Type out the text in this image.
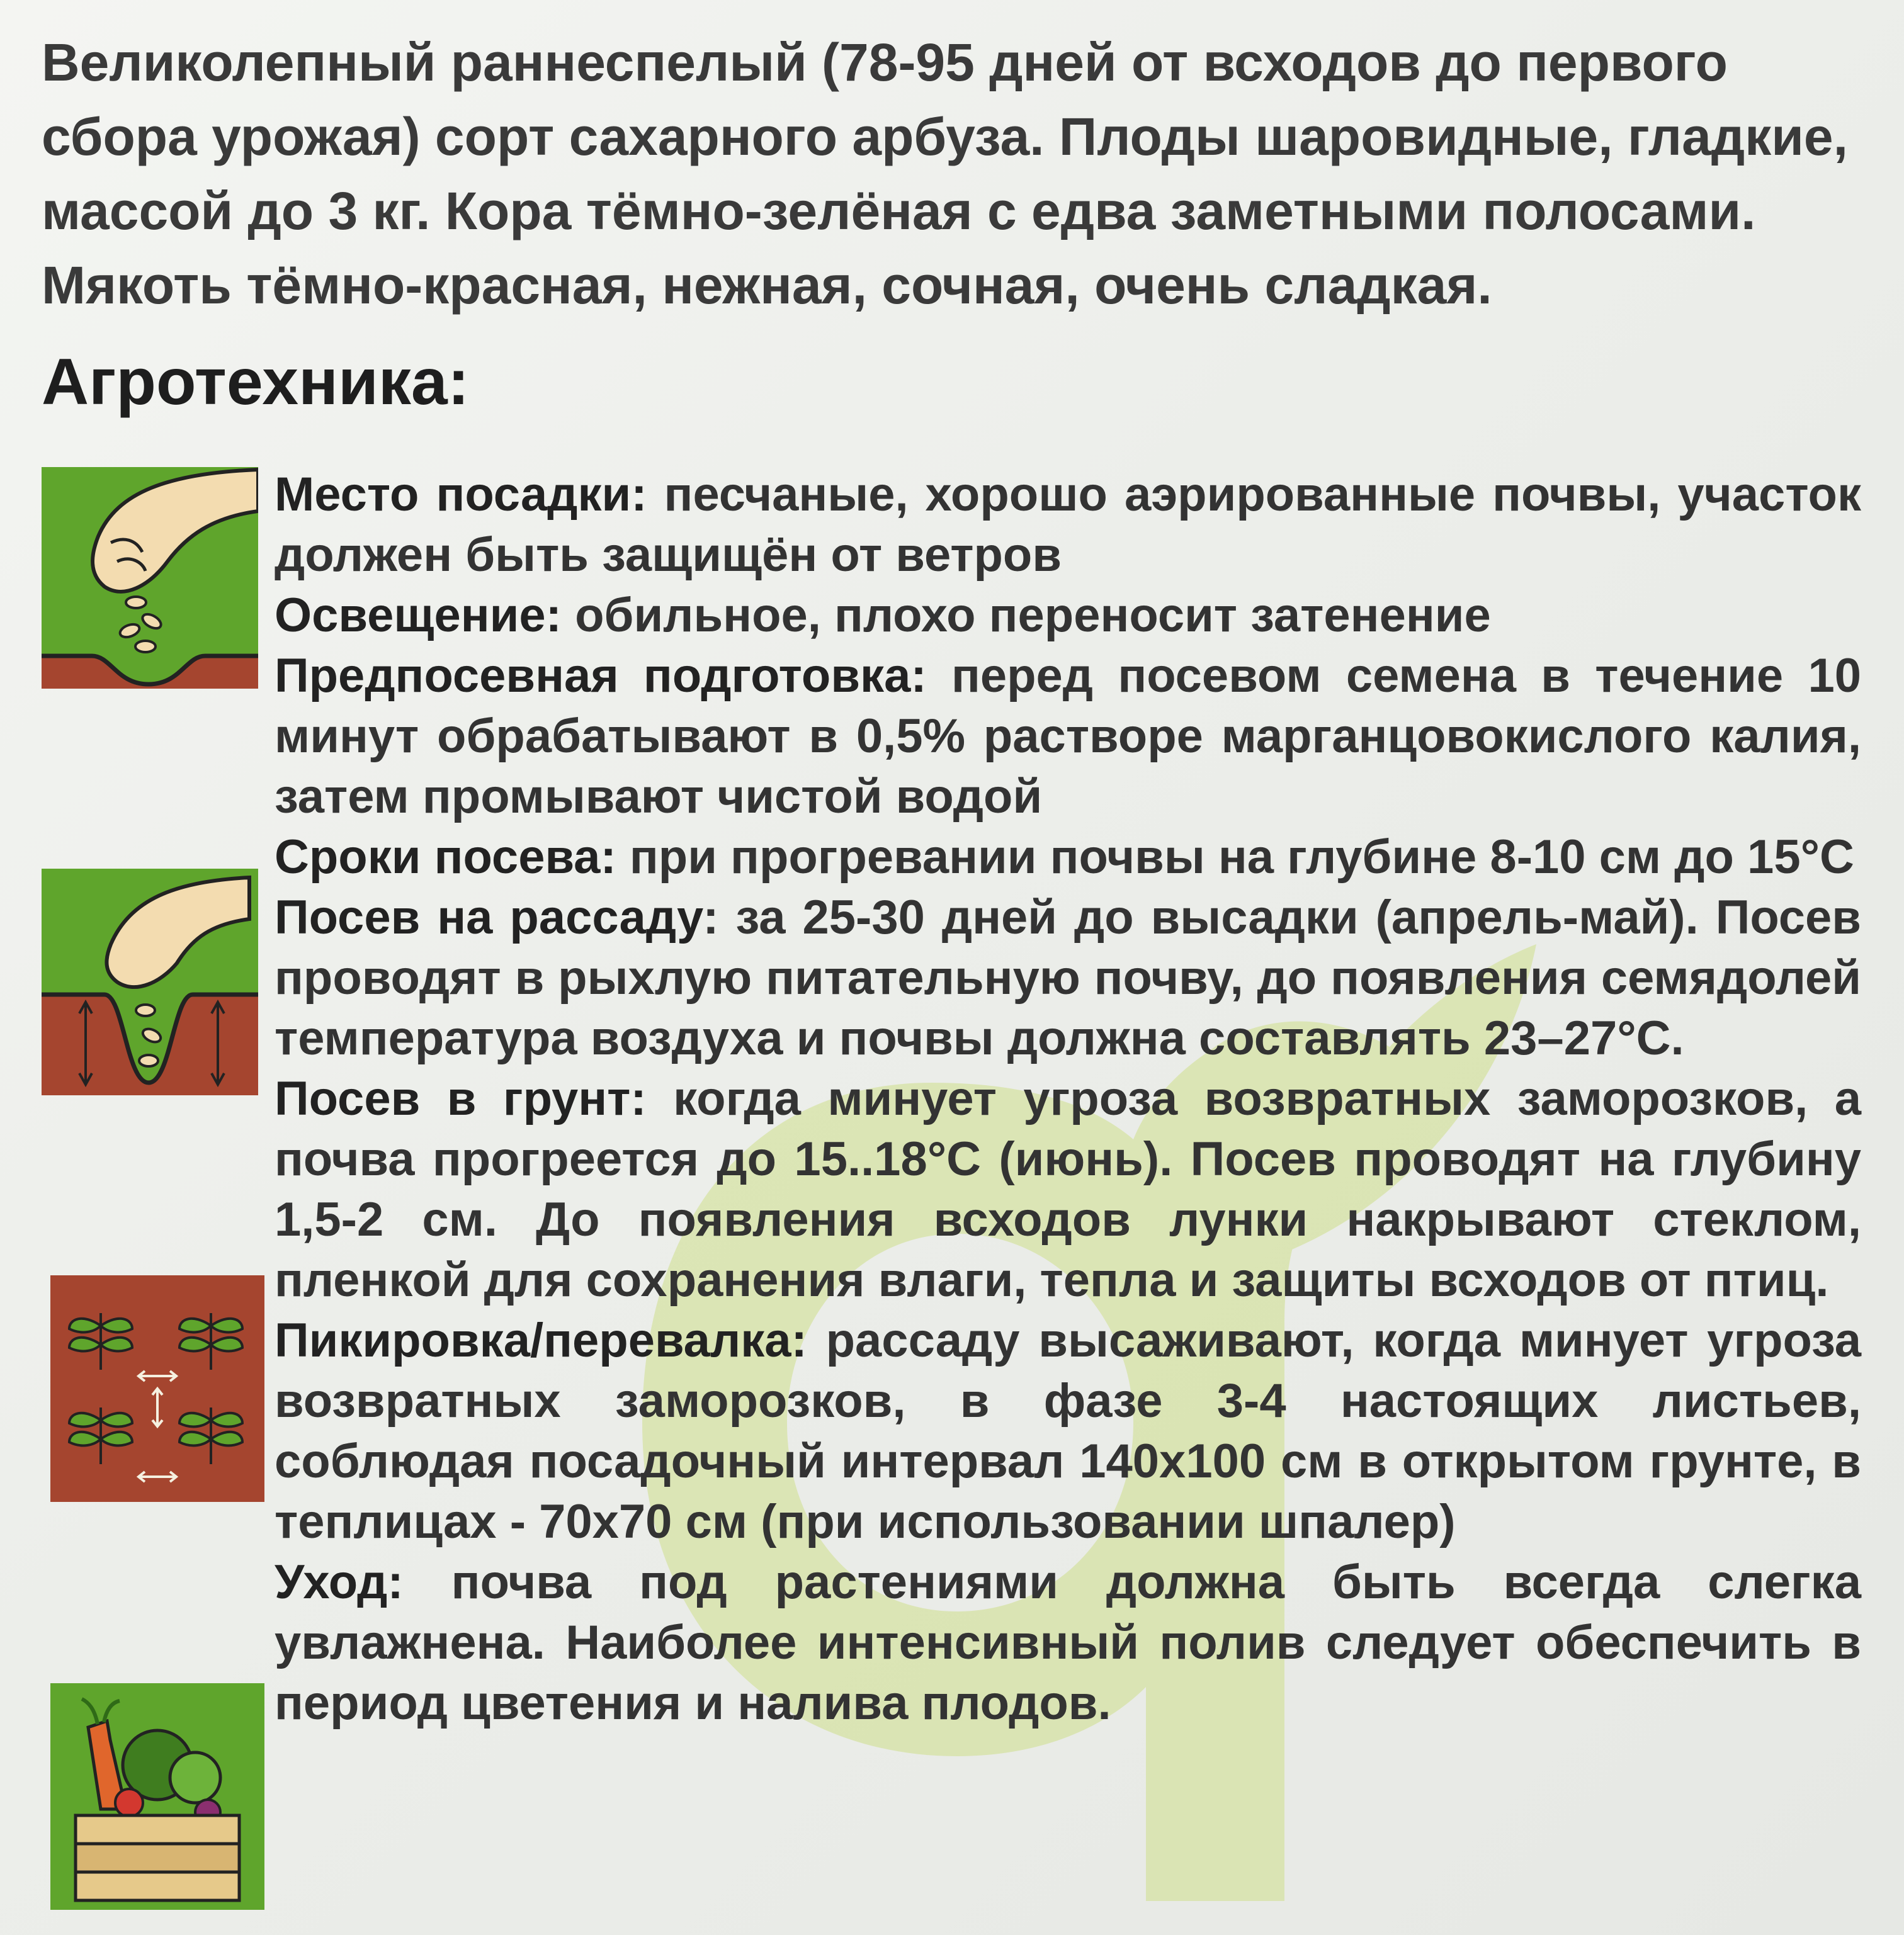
Великолепный раннеспелый (78-95 дней от всходов до первого сбора урожая) сорт сахарного арбуза. Плоды шаровидные, гладкие, массой до 3 кг. Кора тёмно-зелёная с едва заметными полосами. Мякоть тёмно-красная, нежная, сочная, очень сладкая.

Агротехника:

Место посадки: песчаные, хорошо аэрированные почвы, участок должен быть защищён от ветров

Освещение: обильное, плохо переносит затенение

Предпосевная подготовка: перед посевом семена в течение 10 минут обрабатывают в 0,5% растворе марганцовокислого калия, затем промывают чистой водой

Сроки посева: при прогревании почвы на глубине 8-10 см до 15°С

Посев на рассаду: за 25-30 дней до высадки (апрель-май). Посев проводят в рыхлую питательную почву, до появления семядолей температура воздуха и почвы должна составлять 23–27°С.

Посев в грунт: когда минует угроза возвратных заморозков, а почва прогреется до 15..18°С (июнь). Посев проводят на глубину 1,5-2 см. До появления всходов лунки накрывают стеклом, пленкой для сохранения влаги, тепла и защиты всходов от птиц.

Пикировка/перевалка: рассаду высаживают, когда минует угроза возвратных заморозков, в фазе 3-4 настоящих листьев, соблюдая посадочный интервал 140х100 см в открытом грунте, в теплицах - 70х70 см (при использовании шпалер)

Уход: почва под растениями должна быть всегда слегка увлажнена. Наиболее интенсивный полив следует обеспечить в период цветения и налива плодов.
